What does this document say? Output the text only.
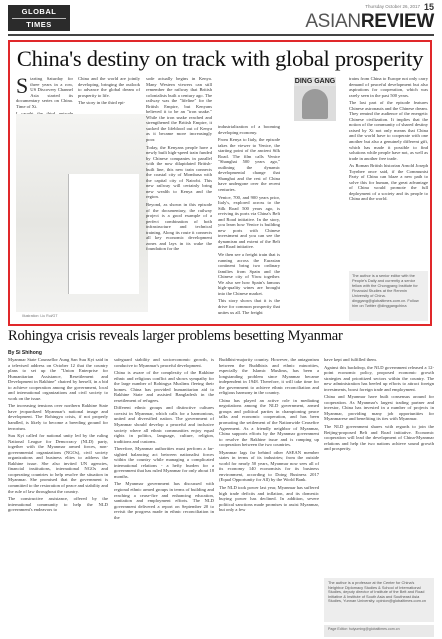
GLOBAL
TIMES
Thursday October 26, 2017 15
ASIANREVIEW
China's destiny on track with global prosperity
S tarting Saturday for three years in a row, US Discovery Channel Asia started its documentary series on China. Time of Xi.

Illustration: Liu Rui/GT

China and the world are jointly developing, bringing the outlook to advance the global dream of prosperity to life.

The story in the third epi-

sode actually begins in Kenya. Many Western viewers can still remember the railway that British colonialists built a century ago. The railway was the "lifeline" for the British Empire, but Kenyans believed it to be an "iron snake." While the iron snake reached and strengthened the British Empire, it sucked the lifeblood out of Kenya as it became more increasingly poor.

Today, the Kenyans people have a newly built high-speed train funded by Chinese companies in parallel with the now dilapidated British-built line, this new train connects the coastal city of Mombasa with the capital city of Nairobi. This new railway will certainly bring new wealth to Kenya and the region.

Beyond, as shown in this episode of the documentary, the railway project is a good example of a perfect combination of both infrastructure and technical training. Along its route it connects all key economic development zones and lays in its wake the foundation for the

DING GANG

industrialization of a booming developing economy.

From Kenya to Italy, the episode takes the viewer to Venice, the starting point of the ancient Silk Road. The film calls Venice "Shanghai 500 years ago," outlining the dynamic developmental change that Shanghai and the rest of China have undergone over the recent centuries.

Venice, 700, and 900 years prior, Italy's, explored across to the Silk Road 500 years ago, is reviving its ports via China's Belt and Road initiative. In the story, you learn how Venice is building new ports with Chinese investment and you can see the dynamism and extent of the Belt and Road initiative.

We then see a freight train that is running across the Eurasian continent bring two ordinary families from Spain and the Chinese city of Yiwu together. We also see how Spain's famous high-quality wines are brought into the Chinese market.

This story shows that it is the drive for common prosperity that unites us all. The freight

trains from China to Europe not only carry demand of peaceful development but also aspirations for cooperation, which was rarely seen in the past 500 years.

The last part of the episode features Chinese astronauts and the Chinese dream. They remind the audience of the energetic Chinese civilization. It implies that the notion of the community of shared destiny raised by Xi not only means that China and the world have to cooperate with one another but also a genuinely different gift, which has made it possible to find solutions while people have not, as well as trade in another free trade.

As Roman British historian Arnold Joseph Toynbee once said, if the Communist Party of China can blaze a new path to solve this for human, the great advantage of China would promote the full deployment of a society and its people to China and the world.

The author is a senior editor with the People's Daily and currently a senior fellow with the Chongyang Institute for Financial Studies at the Renmin University of China. dinggang@globaltimes.com.cn. Follow him on Twitter @dinggangchina
Rohingya crisis reveals larger problems besetting Myanmar
By Si Shihong

Myanmar State Counsellor Aung San Suu Kyi said in a televised address on October 12 that the country plans to set up the "Union Enterprise for Humanitarian Assistance, Resettlement and Development in Rakhine" chaired by herself, in a bid to achieve cooperation among the government, local and international organizations and civil society to work on the issue.

The increasing tensions over northern Rakhine State have jeopardized Myanmar's national image and development. The Rohingya crisis, if not properly handled, is likely to become a breeding ground for terrorism.

Suu Kyi called for national unity led by the ruling National League for Democracy (NLD) party, together with the Myanmar armed forces, non-governmental organizations (NGOs), civil society organizations and business elites to address the Rakhine issue. She also invited UN agencies, financial institutions, international NGOs and cooperating countries to help resolve the situation in Myanmar. She promised that the government is committed to the restoration of peace and stability and the rule of law throughout the country.

The constructive assistance, offered by the international community to help the NLD government's endeavors to

safeguard stability and socioeconomic growth, is conducive to Myanmar's peaceful development.

China is aware of the complexity of the Rakhine ethnic and religious conflict and shows sympathy for the large number of Rohingya Muslims fleeing their homes. China has provided humanitarian aid to Rakhine State and assisted Bangladesh in the resettlement of refugees.

Different ethnic groups and distinctive cultures coexist in Myanmar, which calls for a harmonious, united and diversified nation. The government of Myanmar should develop a peaceful and inclusive society where all ethnic communities enjoy equal rights in politics, language, culture, religion, traditions and customs.

Therefore, Myanmar authorities must perform a far-sighted balancing act between nationalist forces within the country while managing a complicated international relations - a hefty burden for a government that has ruled Myanmar for only about 18 months.

The Myanmar government has discussed with regional ethnic armed groups in terms of building and reaching a cease-fire and enhancing education, sanitation and employment efforts. The NLD government delivered a report on September 20 to revisit the progress made in ethnic reconciliation in the

Buddhist-majority country. However, the antagonism between the Buddhists and ethnic minorities, especially the Islamic Muslims, has been a longstanding problem since Myanmar became independent in 1948. Therefore, it will take time for the government to achieve ethnic reconciliation and religious harmony in the country.

China has played an active role in mediating negotiations among the NLD government, armed groups and political parties in championing peace talks and economic cooperation, and has been promoting the settlement of the Nationwide Ceasefire Agreement. As a friendly neighbor of Myanmar, China supports efforts by the Myanmar government to resolve the Rakhine issue and is ramping up cooperation between the two countries.

Myanmar lags far behind other ASEAN member states in terms of its industries; from the outside world for nearly 50 years, Myanmar now sees all of its economy 140 economists for its business environment, according to Doing Business 2017 (Equal Opportunity for All) by the World Bank.

The NLD took power last year, Myanmar has suffered high trade deficits and inflation, and its domestic buying power has declined. In addition, severe political sanctions made promises to assist Myanmar, but only a few

have kept and fulfilled them.

Against this backdrop, the NLD government released a 12-point economic policy, proposed economic growth strategies and prioritized sectors within the country. The new administration has beefed up efforts to attract foreign investments, boost foreign trade and employment.

China and Myanmar have built consensus around for cooperation. As Myanmar's largest trading partner and investor, China has invested in a number of projects in Myanmar, providing many job opportunities for Myanmarese and benefiting its ties with Myanmar.

The NLD government shares with regards to join the Beijing-proposed Belt and Road initiative. Economic cooperation will lead the development of China-Myanmar relations and help the two nations achieve sound growth and prosperity.

The author is a professor at the Center for China's Neighbor Diplomacy Studies & School of International Studies, deputy director of Institute of the Belt and Road Initiative & Institute of South Asia and Southeast Asia Studies, Yunnan University. opinion@globaltimes.com.cn
Page Editor: huiyuming@globaltimes.com.cn
